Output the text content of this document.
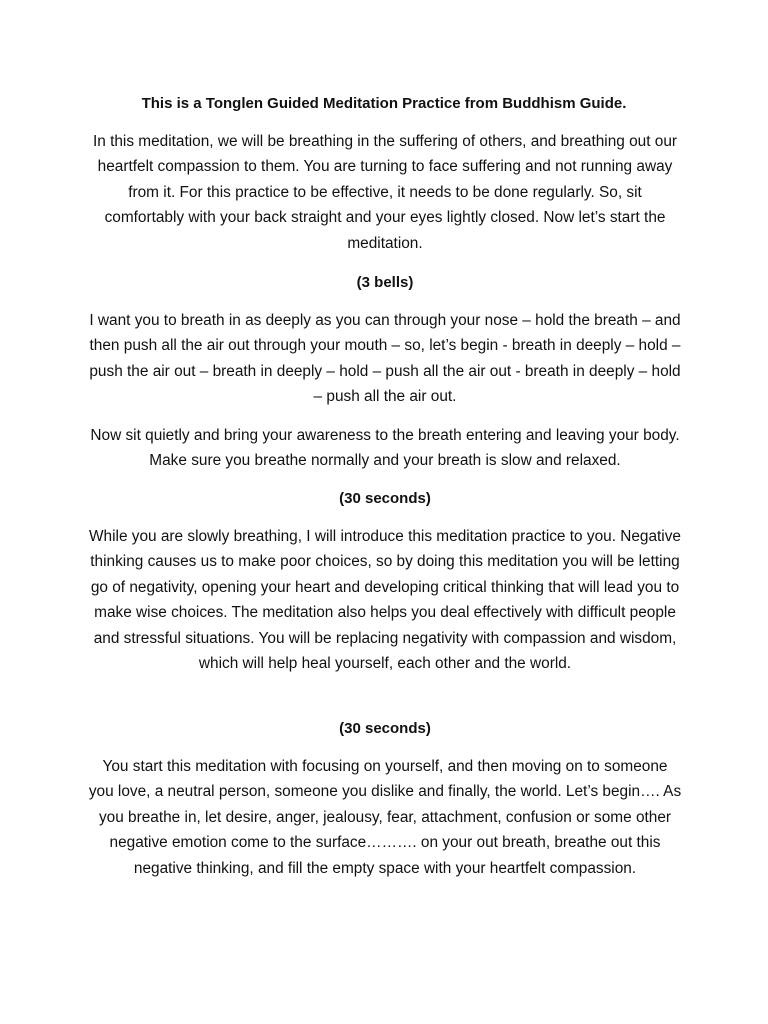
This is a Tonglen Guided Meditation Practice from Buddhism Guide.

In this meditation, we will be breathing in the suffering of others, and breathing out our heartfelt compassion to them. You are turning to face suffering and not running away from it. For this practice to be effective, it needs to be done regularly. So, sit comfortably with your back straight and your eyes lightly closed. Now let’s start the meditation.

(3 bells)

I want you to breath in as deeply as you can through your nose – hold the breath – and then push all the air out through your mouth – so, let’s begin - breath in deeply – hold – push the air out – breath in deeply – hold – push all the air out - breath in deeply – hold – push all the air out.

Now sit quietly and bring your awareness to the breath entering and leaving your body. Make sure you breathe normally and your breath is slow and relaxed.

(30 seconds)

While you are slowly breathing, I will introduce this meditation practice to you. Negative thinking causes us to make poor choices, so by doing this meditation you will be letting go of negativity, opening your heart and developing critical thinking that will lead you to make wise choices. The meditation also helps you deal effectively with difficult people and stressful situations. You will be replacing negativity with compassion and wisdom, which will help heal yourself, each other and the world.

(30 seconds)

You start this meditation with focusing on yourself, and then moving on to someone you love, a neutral person, someone you dislike and finally, the world. Let’s begin…. As you breathe in, let desire, anger, jealousy, fear, attachment, confusion or some other negative emotion come to the surface………. on your out breath, breathe out this negative thinking, and fill the empty space with your heartfelt compassion.
